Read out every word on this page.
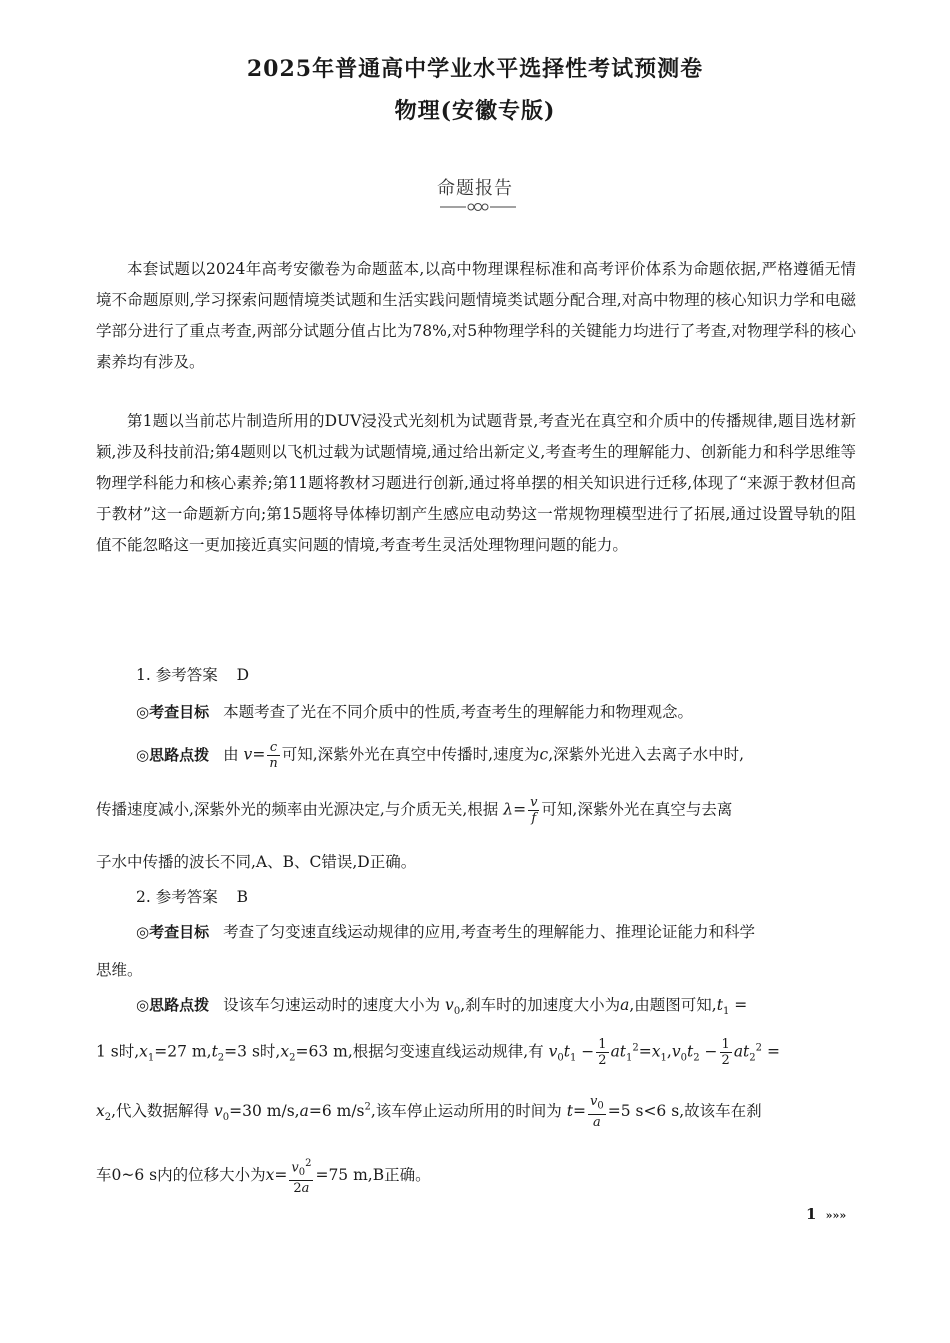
2025年普通高中学业水平选择性考试预测卷
物理(安徽专版)
命题报告
本套试题以2024年高考安徽卷为命题蓝本,以高中物理课程标准和高考评价体系为命题依据,严格遵循无情境不命题原则,学习探索问题情境类试题和生活实践问题情境类试题分配合理,对高中物理的核心知识力学和电磁学部分进行了重点考查,两部分试题分值占比为78%,对5种物理学科的关键能力均进行了考查,对物理学科的核心素养均有涉及。
第1题以当前芯片制造所用的DUV浸没式光刻机为试题背景,考查光在真空和介质中的传播规律,题目选材新颖,涉及科技前沿;第4题则以飞机过载为试题情境,通过给出新定义,考查考生的理解能力、创新能力和科学思维等物理学科能力和核心素养;第11题将教材习题进行创新,通过将单摆的相关知识进行迁移,体现了“来源于教材但高于教材”这一命题新方向;第15题将导体棒切割产生感应电动势这一常规物理模型进行了拓展,通过设置导轨的阻值不能忽略这一更加接近真实问题的情境,考查考生灵活处理物理问题的能力。
1. 参考答案 D
◎考查目标 本题考查了光在不同介质中的性质,考查考生的理解能力和物理观念。
◎思路点拨 由 $v= \frac{c}{n}$ 可知,深紫外光在真空中传播时,速度为c,深紫外光进入去离子水中时,
传播速度减小,深紫外光的频率由光源决定,与介质无关,根据 $\lambda= \frac{v}{f}$ 可知,深紫外光在真空与去离
子水中传播的波长不同,A、B、C错误,D正确。
2. 参考答案 B
◎考查目标 考查了匀变速直线运动规律的应用,考查考生的理解能力、推理论证能力和科学
思维。
◎思路点拨 设该车匀速运动时的速度大小为 $v_0$,刹车时的加速度大小为a,由题图可知$,t_1$ =
1 s时$,x_1=27$ $m,t_2=3$ s时$,x_2=63$ m,根据匀变速直线运动规律,有 $v_0t_1 - \frac{1}{2} at_1^2=x_1,v_0t_2 - \frac{1}{2} at_2^2$ =
$x_2$,代入数据解得 $v_0=30$ m/s,a=6 $m/s^2$,该车停止运动所用的时间为 $t= \frac{v_0}{a} =5$ s<6 s,故该车在刹
车0~6 s内的位移大小为$x= \frac{v_0^2}{2a} =75$ m,B正确。
1 »»»
